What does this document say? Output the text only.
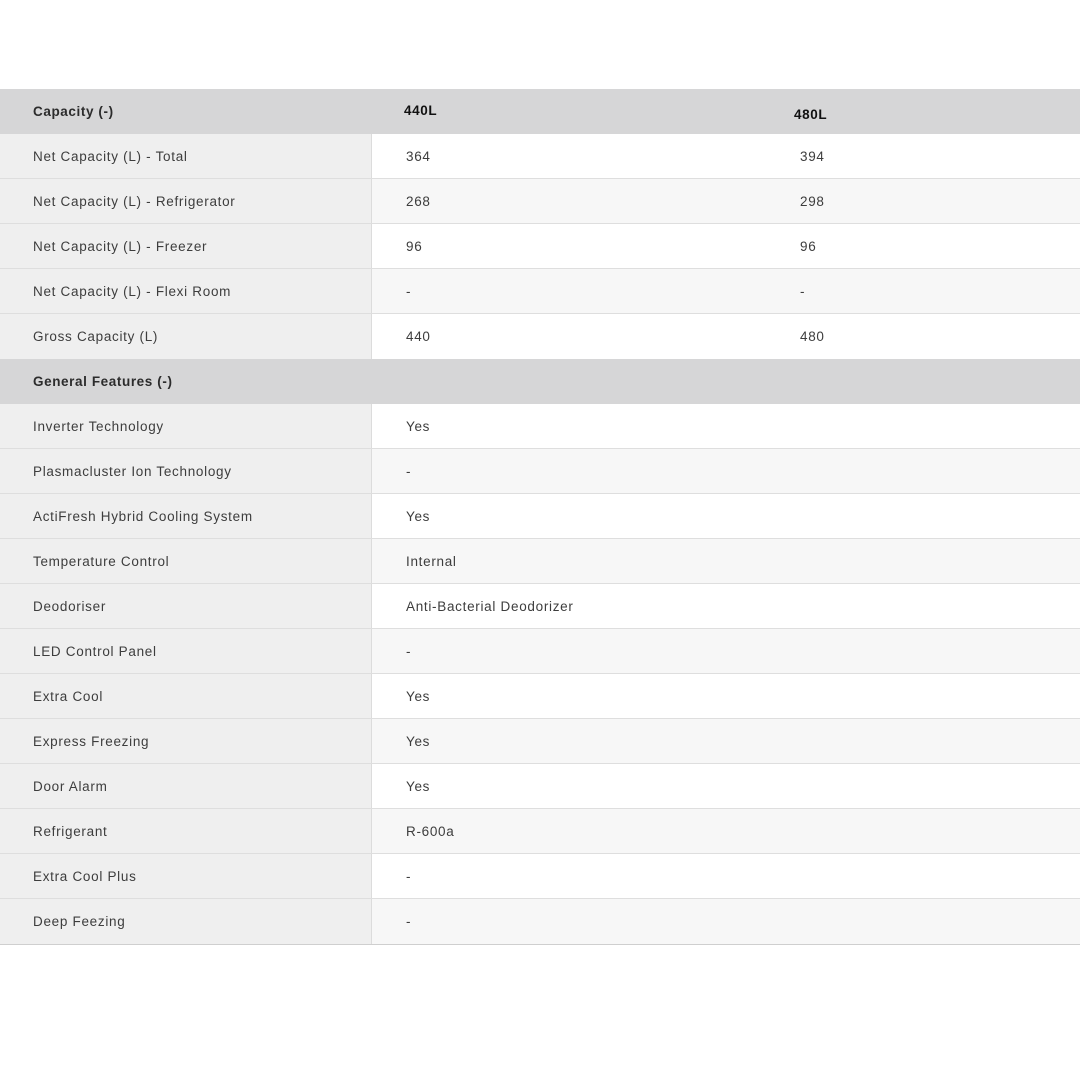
Capacity (-)	440L	480L
Net Capacity (L) - Total	364	394
Net Capacity (L) - Refrigerator	268	298
Net Capacity (L) - Freezer	96	96
Net Capacity (L) - Flexi Room	-	-
Gross Capacity (L)	440	480
General Features (-)
Inverter Technology	Yes
Plasmacluster Ion Technology	-
ActiFresh Hybrid Cooling System	Yes
Temperature Control	Internal
Deodoriser	Anti-Bacterial Deodorizer
LED Control Panel	-
Extra Cool	Yes
Express Freezing	Yes
Door Alarm	Yes
Refrigerant	R-600a
Extra Cool Plus	-
Deep Feezing	-
